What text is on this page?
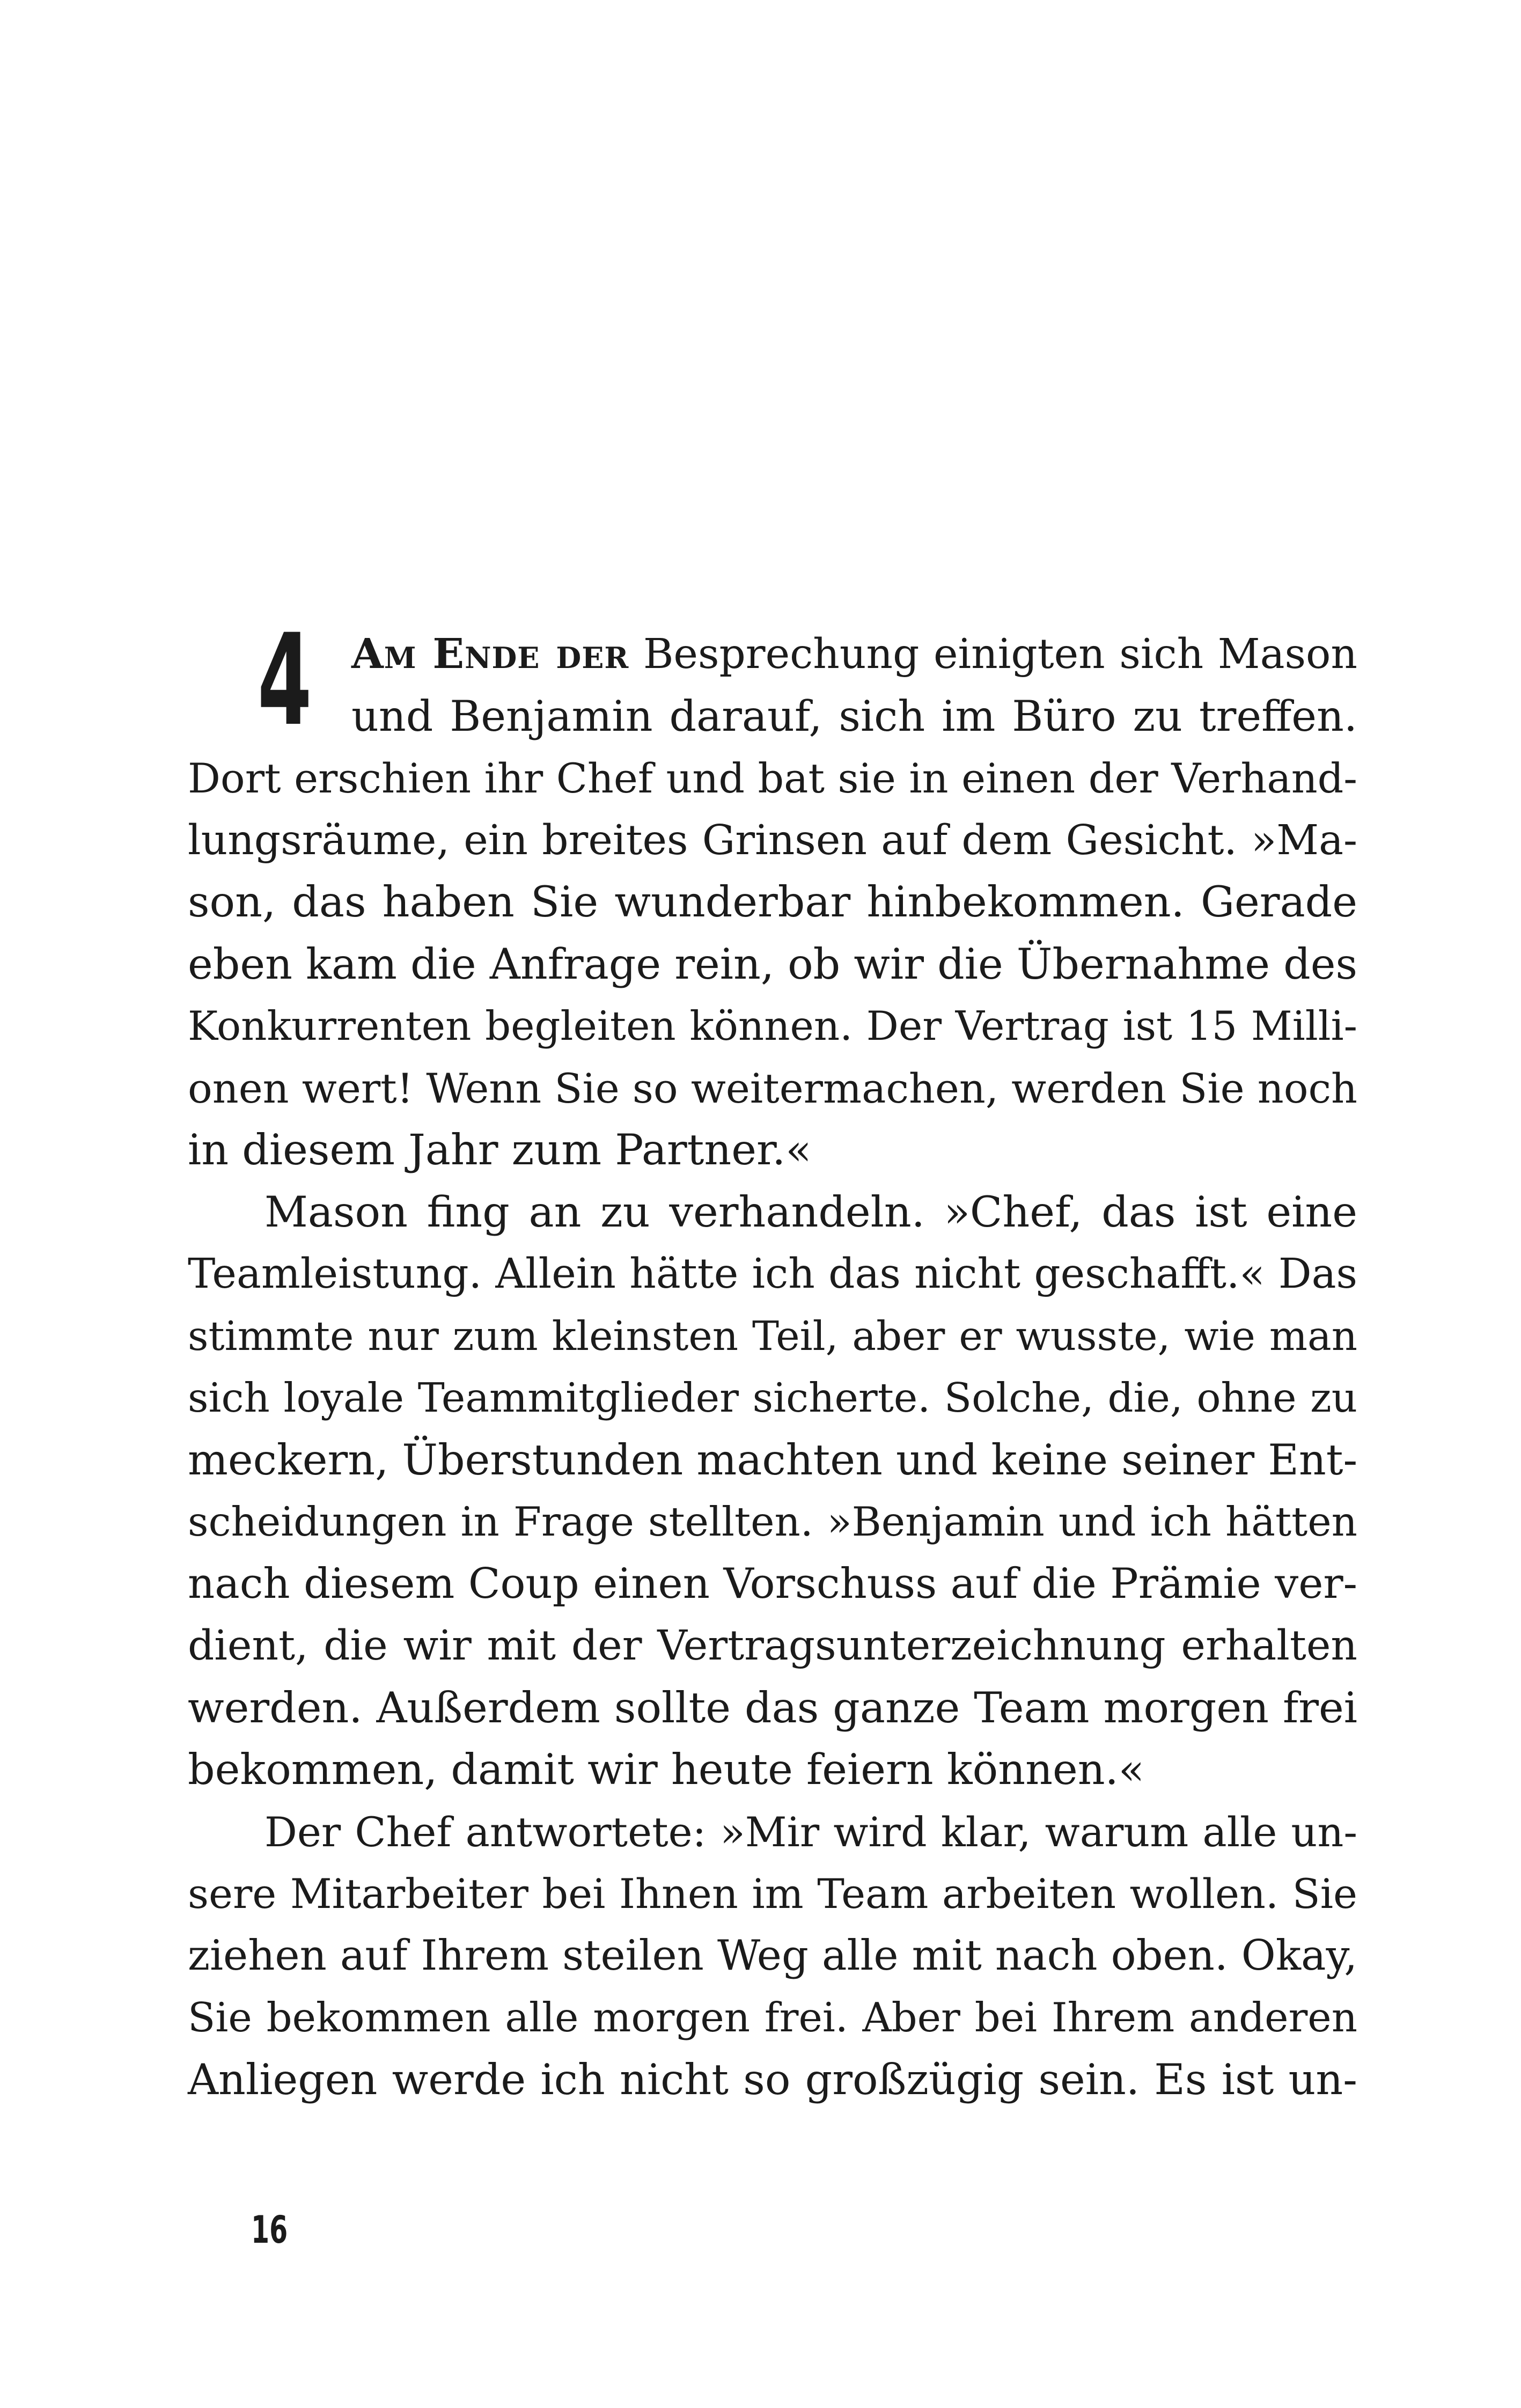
4 Am Ende der Besprechung einigten sich Mason
und Benjamin darauf, sich im Büro zu treffen.
Dort erschien ihr Chef und bat sie in einen der Verhand-
lungsräume, ein breites Grinsen auf dem Gesicht. »Ma-
son, das haben Sie wunderbar hinbekommen. Gerade
eben kam die Anfrage rein, ob wir die Übernahme des
Konkurrenten begleiten können. Der Vertrag ist 15 Milli-
onen wert! Wenn Sie so weitermachen, werden Sie noch
in diesem Jahr zum Partner.«
Mason fing an zu verhandeln. »Chef, das ist eine
Teamleistung. Allein hätte ich das nicht geschafft.« Das
stimmte nur zum kleinsten Teil, aber er wusste, wie man
sich loyale Teammitglieder sicherte. Solche, die, ohne zu
meckern, Überstunden machten und keine seiner Ent-
scheidungen in Frage stellten. »Benjamin und ich hätten
nach diesem Coup einen Vorschuss auf die Prämie ver-
dient, die wir mit der Vertragsunterzeichnung erhalten
werden. Außerdem sollte das ganze Team morgen frei
bekommen, damit wir heute feiern können.«
Der Chef antwortete: »Mir wird klar, warum alle un-
sere Mitarbeiter bei Ihnen im Team arbeiten wollen. Sie
ziehen auf Ihrem steilen Weg alle mit nach oben. Okay,
Sie bekommen alle morgen frei. Aber bei Ihrem anderen
Anliegen werde ich nicht so großzügig sein. Es ist un-
16
